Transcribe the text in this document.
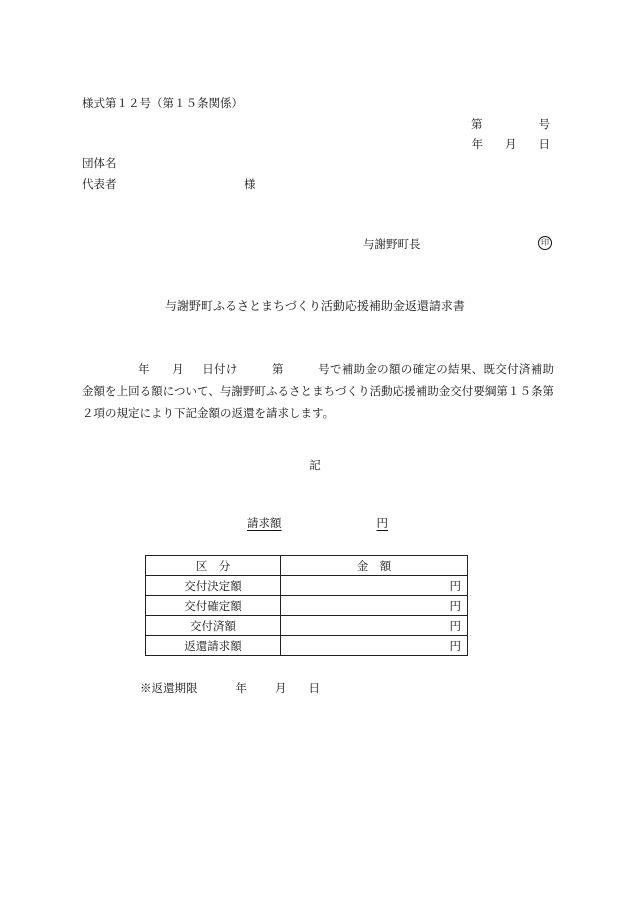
様式第１２号（第１５条関係）
第	号
年 月 日
団体名
代表者	様
与謝野町長	印
与謝野町ふるさとまちづくり活動応援補助金返還請求書
年 月 日付け	第	号で補助金の額の確定の結果、既交付済補助金額を上回る額について、与謝野町ふるさとまちづくり活動応援補助金交付要綱第１５条第２項の規定により下記金額の返還を請求します。
記
請求額	円
区　分	金　額
交付決定額	円
交付確定額	円
交付済額	円
返還請求額	円
※返還期限	年 月 日
